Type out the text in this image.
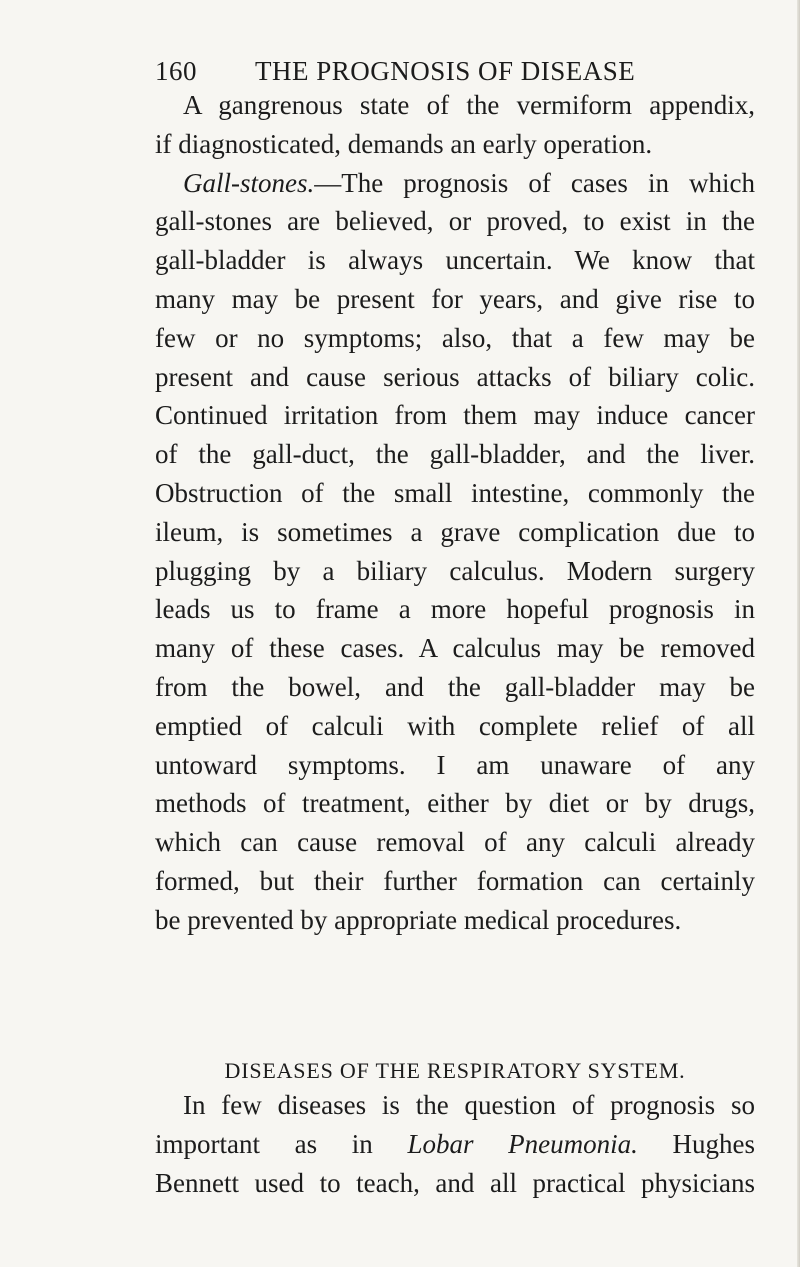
160 THE PROGNOSIS OF DISEASE
A gangrenous state of the vermiform appendix,
if diagnosticated, demands an early operation.
Gall-stones.—The prognosis of cases in which
gall-stones are believed, or proved, to exist in the
gall-bladder is always uncertain. We know that
many may be present for years, and give rise to
few or no symptoms; also, that a few may be
present and cause serious attacks of biliary colic.
Continued irritation from them may induce cancer
of the gall-duct, the gall-bladder, and the liver.
Obstruction of the small intestine, commonly the
ileum, is sometimes a grave complication due to
plugging by a biliary calculus. Modern surgery
leads us to frame a more hopeful prognosis in
many of these cases. A calculus may be removed
from the bowel, and the gall-bladder may be
emptied of calculi with complete relief of all
untoward symptoms. I am unaware of any
methods of treatment, either by diet or by drugs,
which can cause removal of any calculi already
formed, but their further formation can certainly
be prevented by appropriate medical procedures.
DISEASES OF THE RESPIRATORY SYSTEM.
In few diseases is the question of prognosis so
important as in Lobar Pneumonia. Hughes
Bennett used to teach, and all practical physicians
